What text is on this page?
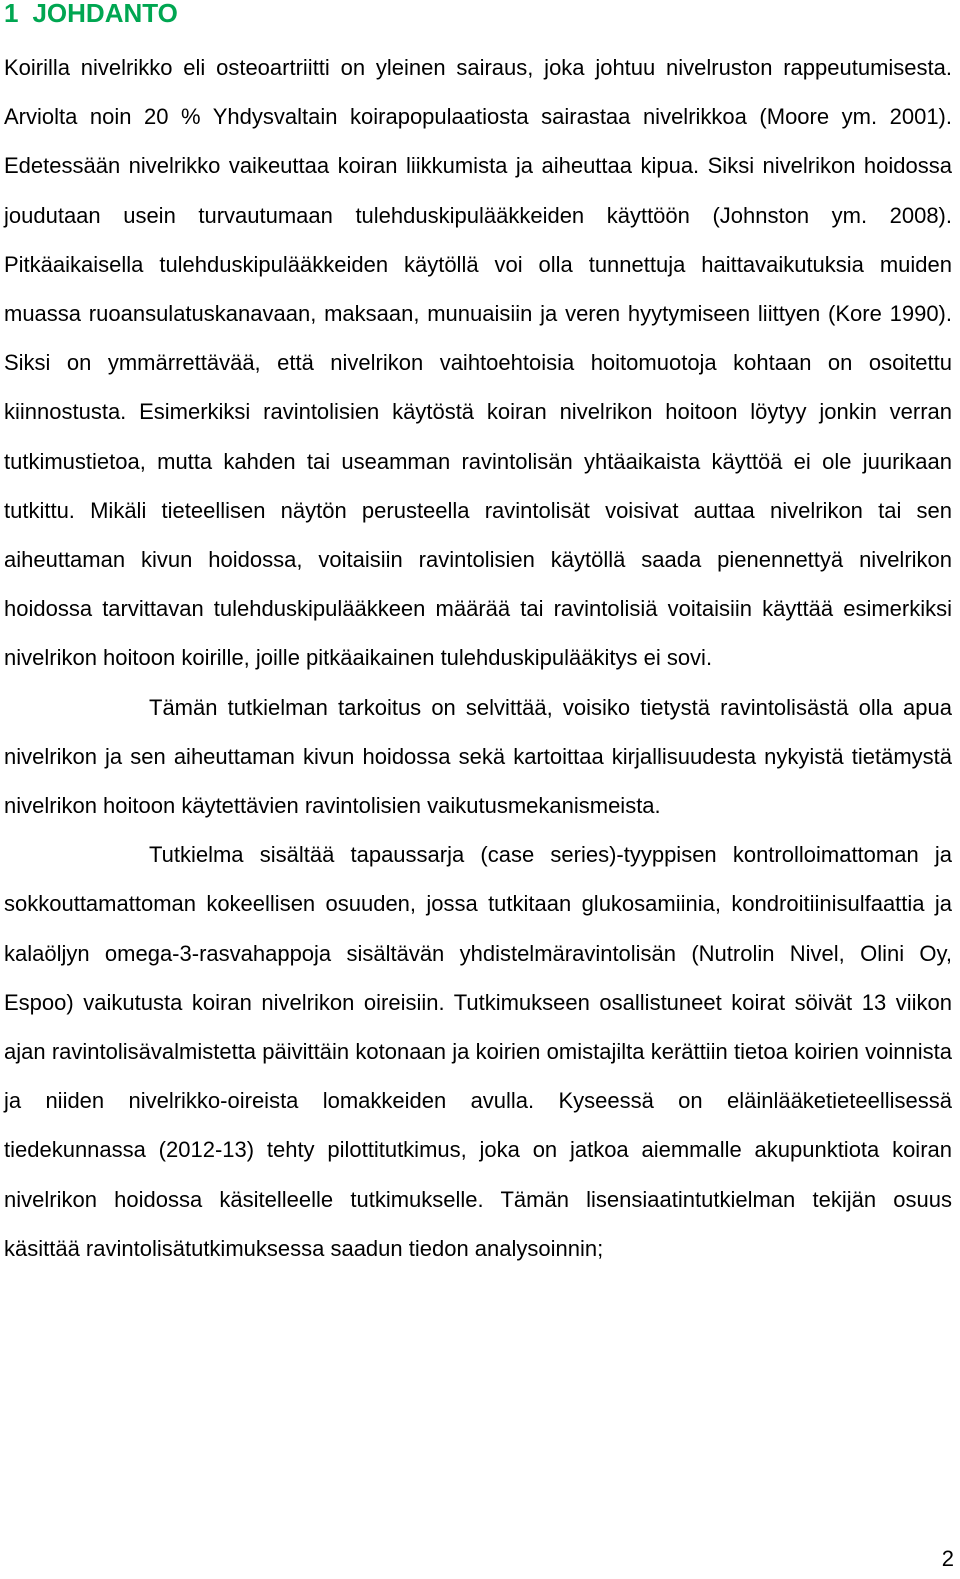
1 JOHDANTO

Koirilla nivelrikko eli osteoartriitti on yleinen sairaus, joka johtuu nivelruston rappeutumisesta. Arviolta noin 20 % Yhdysvaltain koirapopulaatiosta sairastaa nivelrikkoa (Moore ym. 2001). Edetessään nivelrikko vaikeuttaa koiran liikkumista ja aiheuttaa kipua. Siksi nivelrikon hoidossa joudutaan usein turvautumaan tulehduskipulääkkeiden käyttöön (Johnston ym. 2008). Pitkäaikaisella tulehduskipulääkkeiden käytöllä voi olla tunnettuja haittavaikutuksia muiden muassa ruoansulatuskanavaan, maksaan, munuaisiin ja veren hyytymiseen liittyen (Kore 1990). Siksi on ymmärrettävää, että nivelrikon vaihtoehtoisia hoitomuotoja kohtaan on osoitettu kiinnostusta. Esimerkiksi ravintolisien käytöstä koiran nivelrikon hoitoon löytyy jonkin verran tutkimustietoa, mutta kahden tai useamman ravintolisän yhtäaikaista käyttöä ei ole juurikaan tutkittu. Mikäli tieteellisen näytön perusteella ravintolisät voisivat auttaa nivelrikon tai sen aiheuttaman kivun hoidossa, voitaisiin ravintolisien käytöllä saada pienennettyä nivelrikon hoidossa tarvittavan tulehduskipulääkkeen määrää tai ravintolisiä voitaisiin käyttää esimerkiksi nivelrikon hoitoon koirille, joille pitkäaikainen tulehduskipulääkitys ei sovi.

Tämän tutkielman tarkoitus on selvittää, voisiko tietystä ravintolisästä olla apua nivelrikon ja sen aiheuttaman kivun hoidossa sekä kartoittaa kirjallisuudesta nykyistä tietämystä nivelrikon hoitoon käytettävien ravintolisien vaikutusmekanismeista.

Tutkielma sisältää tapaussarja (case series)-tyyppisen kontrolloimattoman ja sokkouttamattoman kokeellisen osuuden, jossa tutkitaan glukosamiinia, kondroitiinisulfaattia ja kalaöljyn omega-3-rasvahappoja sisältävän yhdistelmäravintolisän (Nutrolin Nivel, Olini Oy, Espoo) vaikutusta koiran nivelrikon oireisiin. Tutkimukseen osallistuneet koirat söivät 13 viikon ajan ravintolisävalmistetta päivittäin kotonaan ja koirien omistajilta kerättiin tietoa koirien voinnista ja niiden nivelrikko-oireista lomakkeiden avulla. Kyseessä on eläinlääketieteellisessä tiedekunnassa (2012-13) tehty pilottitutkimus, joka on jatkoa aiemmalle akupunktiota koiran nivelrikon hoidossa käsitelleelle tutkimukselle. Tämän lisensiaatintutkielman tekijän osuus käsittää ravintolisätutkimuksessa saadun tiedon analysoinnin;

2
